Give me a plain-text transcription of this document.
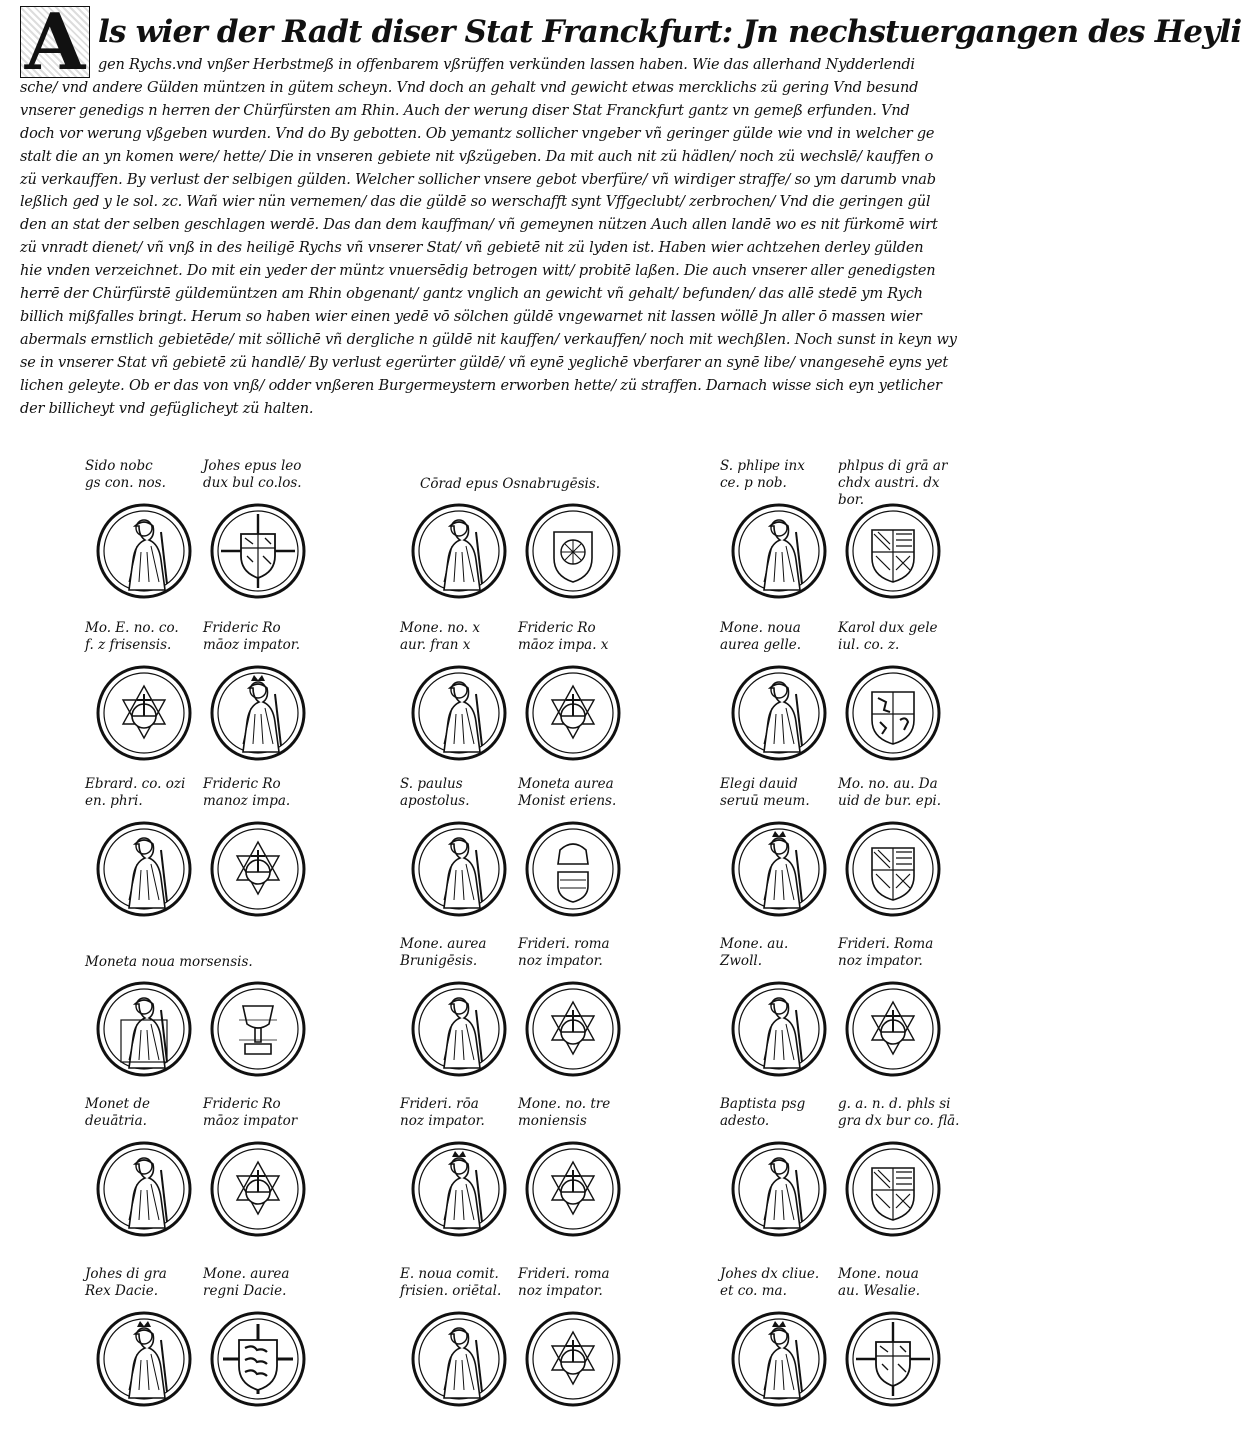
A ls wier der Radt diser Stat Franckfurt: Jn nechstuergangen des Heyli
gen Rychs.vnd vnßer Herbstmeß in offenbarem vßrüffen verkünden lassen haben. Wie das allerhand Nydderlendi
sche/ vnd andere Gülden müntzen in gütem scheyn. Vnd doch an gehalt vnd gewicht etwas mercklichs zü gering Vnd besund
vnserer genedigs n herren der Chürfürsten am Rhin. Auch der werung diser Stat Franckfurt gantz vn gemeß erfunden. Vnd
doch vor werung vßgeben wurden. Vnd do By gebotten. Ob yemantz sollicher vngeber vñ geringer gülde wie vnd in welcher ge
stalt die an yn komen were/ hette/ Die in vnseren gebiete nit vßzügeben. Da mit auch nit zü hädlen/ noch zü wechslē/ kauffen o
zü verkauffen. By verlust der selbigen gülden. Welcher sollicher vnsere gebot vberfüre/ vñ wirdiger straffe/ so ym darumb vnab
leßlich ged y le sol. zc. Wañ wier nün vernemen/ das die güldē so werschafft synt Vffgeclubt/ zerbrochen/ Vnd die geringen gül
den an stat der selben geschlagen werdē. Das dan dem kauffman/ vñ gemeynen nützen Auch allen landē wo es nit fürkomē wirt
zü vnradt dienet/ vñ vnß in des heiligē Rychs vñ vnserer Stat/ vñ gebietē nit zü lyden ist. Haben wier achtzehen derley gülden
hie vnden verzeichnet. Do mit ein yeder der müntz vnuersēdig betrogen witt/ probitē laßen. Die auch vnserer aller genedigsten
herrē der Chürfürstē güldemüntzen am Rhin obgenant/ gantz vnglich an gewicht vñ gehalt/ befunden/ das allē stedē ym Rych
billich mißfalles bringt. Herum so haben wier einen yedē vō sölchen güldē vngewarnet nit lassen wöllē Jn aller ō massen wier
abermals ernstlich gebietēde/ mit söllichē vñ dergliche n güldē nit kauffen/ verkauffen/ noch mit wechßlen. Noch sunst in keyn wy
se in vnserer Stat vñ gebietē zü handlē/ By verlust egerürter güldē/ vñ eynē yeglichē vberfarer an synē libe/ vnangesehē eyns yet
lichen geleyte. Ob er das von vnß/ odder vnßeren Burgermeystern erworben hette/ zü straffen. Darnach wisse sich eyn yetlicher
der billicheyt vnd gefüglicheyt zü halten.
Sido nobc
gs con. nos.
Johes epus leo
dux bul co.los.
Mo. E. no. co.
f. z frisensis.
Frideric Ro
māoz impator.
Ebrard. co. ozi
en. phri.
Frideric Ro
manoz impa.
Moneta noua morsensis.
Monet de
deuātria.
Frideric Ro
māoz impator
Johes di gra
Rex Dacie.
Mone. aurea
regni Dacie.
Cōrad epus Osnabrugēsis.
Mone. no. x
aur. fran x
Frideric Ro
māoz impa. x
S. paulus
apostolus.
Moneta aurea
Monist eriens.
Mone. aurea
Brunigēsis.
Frideri. roma
noz impator.
Frideri. rōa
noz impator.
Mone. no. tre
moniensis
E. noua comit.
frisien. oriētal.
Frideri. roma
noz impator.
S. phlipe inx
ce. p nob.
phlpus di grā ar
chdx austri. dx bor.
Mone. noua
aurea gelle.
Karol dux gele
iul. co. z.
Elegi dauid
seruū meum.
Mo. no. au. Da
uid de bur. epi.
Mone. au.
Zwoll.
Frideri. Roma
noz impator.
Baptista psg
adesto.
g. a. n. d. phls si
gra dx bur co. flā.
Johes dx cliue.
et co. ma.
Mone. noua
au. Wesalie.
